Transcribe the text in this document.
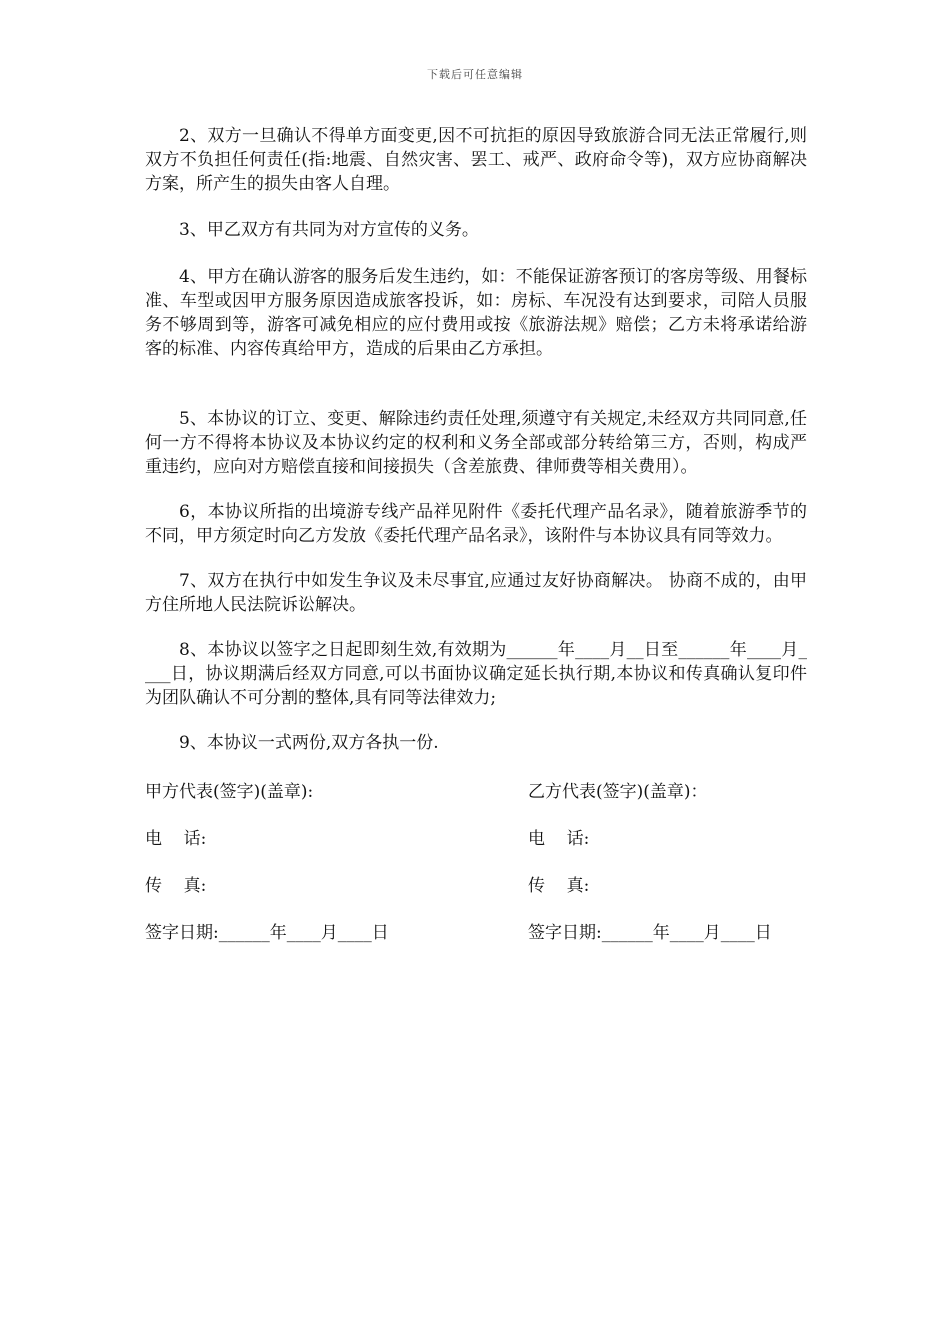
下载后可任意编辑

2、双方一旦确认不得单方面变更,因不可抗拒的原因导致旅游合同无法正常履行,则双方不负担任何责任(指:地震、自然灾害、罢工、戒严、政府命令等)，双方应协商解决方案，所产生的损失由客人自理。

3、甲乙双方有共同为对方宣传的义务。

4、甲方在确认游客的服务后发生违约，如：不能保证游客预订的客房等级、用餐标准、车型或因甲方服务原因造成旅客投诉，如：房标、车况没有达到要求，司陪人员服务不够周到等，游客可减免相应的应付费用或按《旅游法规》赔偿；乙方未将承诺给游客的标准、内容传真给甲方，造成的后果由乙方承担。

5、本协议的订立、变更、解除违约责任处理,须遵守有关规定,未经双方共同同意,任何一方不得将本协议及本协议约定的权利和义务全部或部分转给第三方，否则，构成严重违约，应向对方赔偿直接和间接损失（含差旅费、律师费等相关费用）。

6，本协议所指的出境游专线产品祥见附件《委托代理产品名录》，随着旅游季节的不同，甲方须定时向乙方发放《委托代理产品名录》，该附件与本协议具有同等效力。

7、双方在执行中如发生争议及未尽事宜,应通过友好协商解决。 协商不成的，由甲方住所地人民法院诉讼解决。

8、本协议以签字之日起即刻生效,有效期为______年____月__日至______年____月____日，协议期满后经双方同意,可以书面协议确定延长执行期,本协议和传真确认复印件为团队确认不可分割的整体,具有同等法律效力;

9、本协议一式两份,双方各执一份.

甲方代表(签字)(盖章):	乙方代表(签字)(盖章)：
电    话:	电    话:
传    真:	传    真:
签字日期:______年____月____日	签字日期:______年____月____日
